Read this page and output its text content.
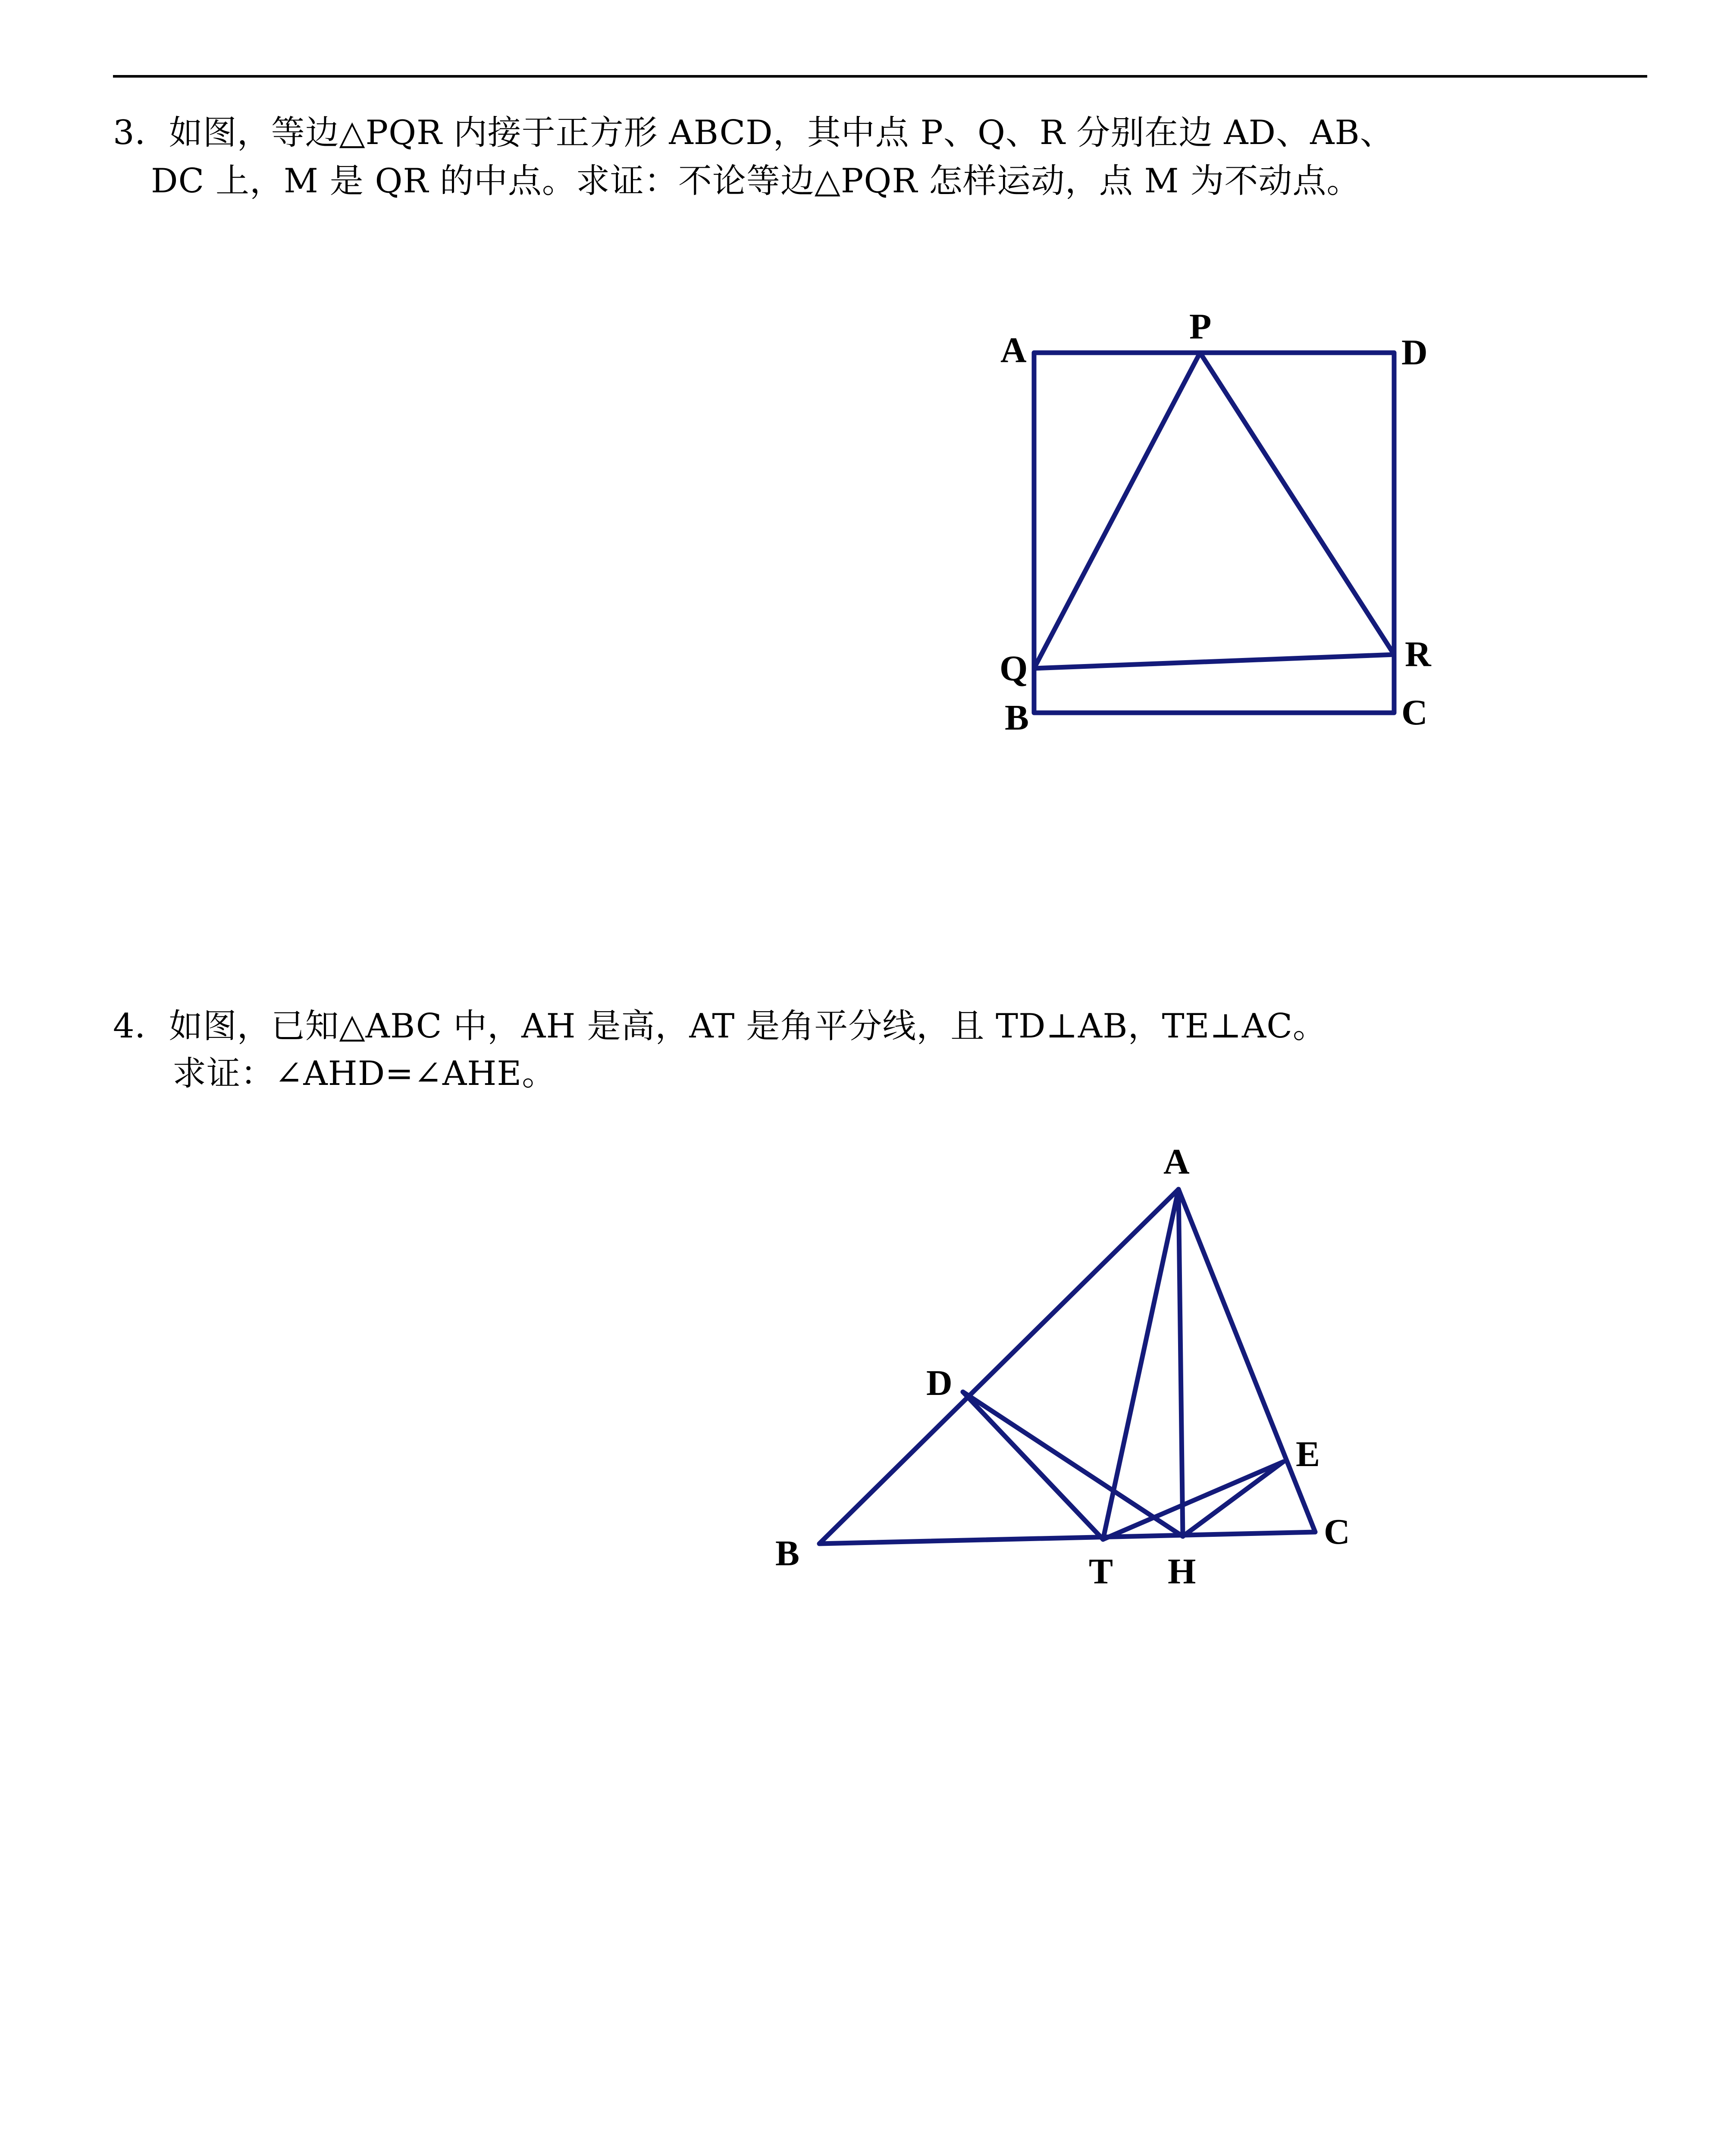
3．如图，等边△PQR 内接于正方形 ABCD，其中点 P、Q、R 分别在边 AD、AB、
DC 上，M 是 QR 的中点。求证：不论等边△PQR 怎样运动，点 M 为不动点。
A
P
D
Q	R
B	C
4．如图，已知△ABC 中，AH 是高，AT 是角平分线，且 TD⊥AB，TE⊥AC。
求证：∠AHD=∠AHE。
A
D
E
B	T H
C
